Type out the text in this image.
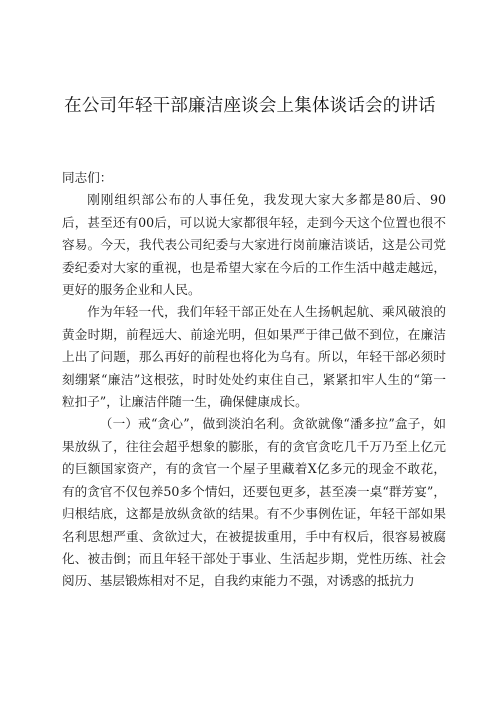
在公司年轻干部廉洁座谈会上集体谈话会的讲话

同志们：

刚刚组织部公布的人事任免，我发现大家大多都是80后、90后，甚至还有00后，可以说大家都很年轻，走到今天这个位置也很不容易。今天，我代表公司纪委与大家进行岗前廉洁谈话，这是公司党委纪委对大家的重视，也是希望大家在今后的工作生活中越走越远，更好的服务企业和人民。

作为年轻一代，我们年轻干部正处在人生扬帆起航、乘风破浪的黄金时期，前程远大、前途光明，但如果严于律己做不到位，在廉洁上出了问题，那么再好的前程也将化为乌有。所以，年轻干部必须时刻绷紧“廉洁”这根弦，时时处处约束住自己，紧紧扣牢人生的“第一粒扣子”，让廉洁伴随一生，确保健康成长。

（一）戒“贪心”，做到淡泊名利。贪欲就像“潘多拉”盒子，如果放纵了，往往会超乎想象的膨胀，有的贪官贪吃几千万乃至上亿元的巨额国家资产，有的贪官一个屋子里藏着X亿多元的现金不敢花，有的贪官不仅包养50多个情妇，还要包更多，甚至凑一桌“群芳宴”，归根结底，这都是放纵贪欲的结果。有不少事例佐证，年轻干部如果名利思想严重、贪欲过大，在被提拔重用，手中有权后，很容易被腐化、被击倒；而且年轻干部处于事业、生活起步期，党性历练、社会阅历、基层锻炼相对不足，自我约束能力不强，对诱惑的抵抗力
